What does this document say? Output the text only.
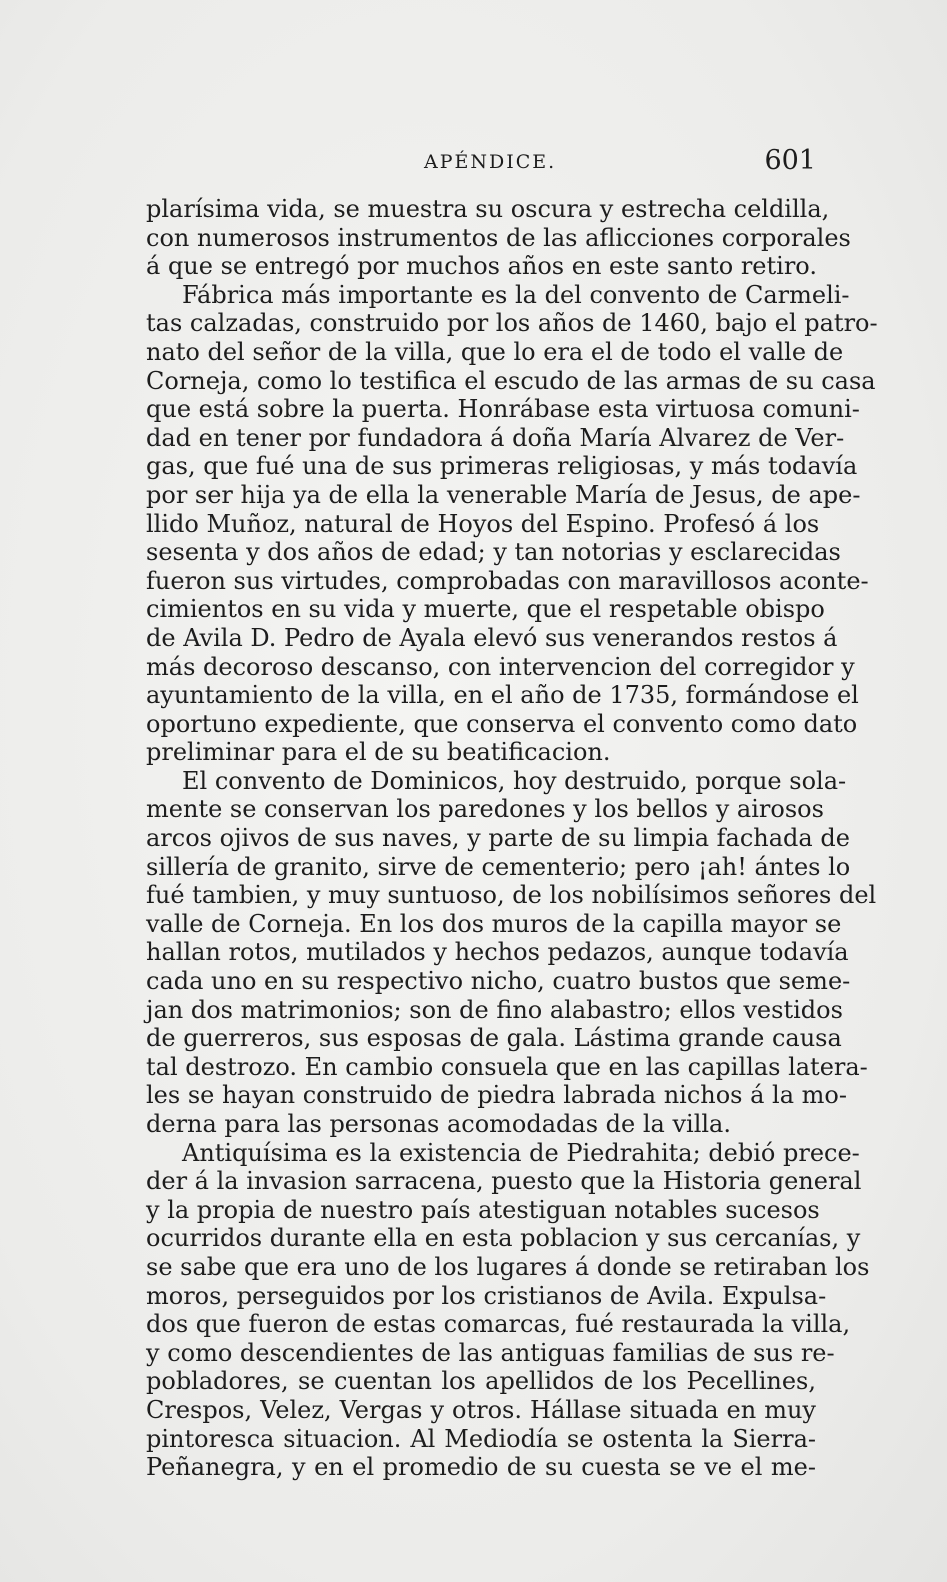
APÉNDICE.	601
plarísima vida, se muestra su oscura y estrecha celdilla,
con numerosos instrumentos de las aflicciones corporales
á que se entregó por muchos años en este santo retiro.
Fábrica más importante es la del convento de Carmeli-
tas calzadas, construido por los años de 1460, bajo el patro-
nato del señor de la villa, que lo era el de todo el valle de
Corneja, como lo testifica el escudo de las armas de su casa
que está sobre la puerta. Honrábase esta virtuosa comuni-
dad en tener por fundadora á doña María Alvarez de Ver-
gas, que fué una de sus primeras religiosas, y más todavía
por ser hija ya de ella la venerable María de Jesus, de ape-
llido Muñoz, natural de Hoyos del Espino. Profesó á los
sesenta y dos años de edad; y tan notorias y esclarecidas
fueron sus virtudes, comprobadas con maravillosos aconte-
cimientos en su vida y muerte, que el respetable obispo
de Avila D. Pedro de Ayala elevó sus venerandos restos á
más decoroso descanso, con intervencion del corregidor y
ayuntamiento de la villa, en el año de 1735, formándose el
oportuno expediente, que conserva el convento como dato
preliminar para el de su beatificacion.
El convento de Dominicos, hoy destruido, porque sola-
mente se conservan los paredones y los bellos y airosos
arcos ojivos de sus naves, y parte de su limpia fachada de
sillería de granito, sirve de cementerio; pero ¡ah! ántes lo
fué tambien, y muy suntuoso, de los nobilísimos señores del
valle de Corneja. En los dos muros de la capilla mayor se
hallan rotos, mutilados y hechos pedazos, aunque todavía
cada uno en su respectivo nicho, cuatro bustos que seme-
jan dos matrimonios; son de fino alabastro; ellos vestidos
de guerreros, sus esposas de gala. Lástima grande causa
tal destrozo. En cambio consuela que en las capillas latera-
les se hayan construido de piedra labrada nichos á la mo-
derna para las personas acomodadas de la villa.
Antiquísima es la existencia de Piedrahita; debió prece-
der á la invasion sarracena, puesto que la Historia general
y la propia de nuestro país atestiguan notables sucesos
ocurridos durante ella en esta poblacion y sus cercanías, y
se sabe que era uno de los lugares á donde se retiraban los
moros, perseguidos por los cristianos de Avila. Expulsa-
dos que fueron de estas comarcas, fué restaurada la villa,
y como descendientes de las antiguas familias de sus re-
pobladores, se cuentan los apellidos de los Pecellines,
Crespos, Velez, Vergas y otros. Hállase situada en muy
pintoresca situacion. Al Mediodía se ostenta la Sierra-
Peñanegra, y en el promedio de su cuesta se ve el me-
